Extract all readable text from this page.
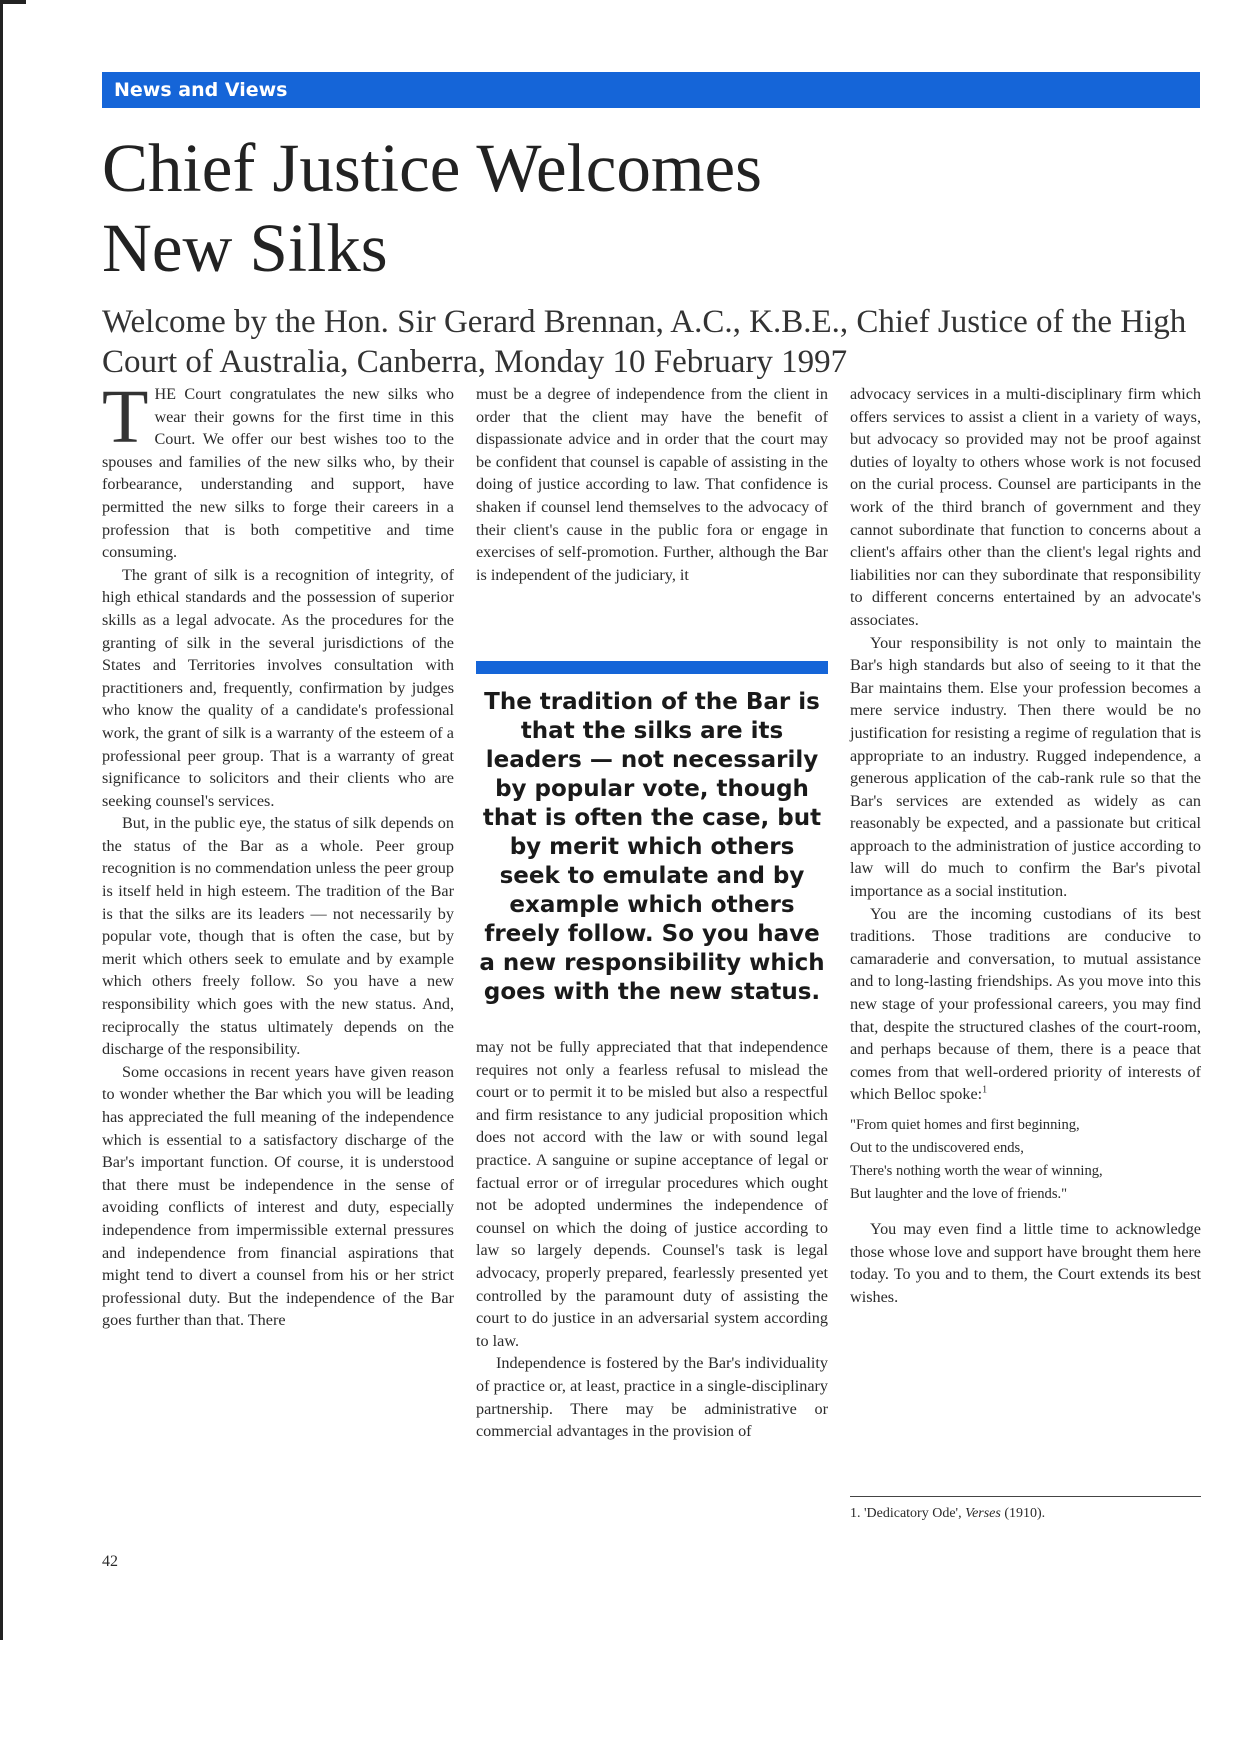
News and Views
Chief Justice Welcomes
New Silks
Welcome by the Hon. Sir Gerard Brennan, A.C., K.B.E., Chief Justice of the High Court of Australia, Canberra, Monday 10 February 1997

THE Court congratulates the new silks who wear their gowns for the first time in this Court. We offer our best wishes too to the spouses and families of the new silks who, by their forbearance, understanding and support, have permitted the new silks to forge their careers in a profession that is both competitive and time consuming.

The grant of silk is a recognition of integrity, of high ethical standards and the possession of superior skills as a legal advocate. As the procedures for the granting of silk in the several jurisdictions of the States and Territories involves consultation with practitioners and, frequently, confirmation by judges who know the quality of a candidate's professional work, the grant of silk is a warranty of the esteem of a professional peer group. That is a warranty of great significance to solicitors and their clients who are seeking counsel's services.

But, in the public eye, the status of silk depends on the status of the Bar as a whole. Peer group recognition is no commendation unless the peer group is itself held in high esteem. The tradition of the Bar is that the silks are its leaders — not necessarily by popular vote, though that is often the case, but by merit which others seek to emulate and by example which others freely follow. So you have a new responsibility which goes with the new status. And, reciprocally the status ultimately depends on the discharge of the responsibility.

Some occasions in recent years have given reason to wonder whether the Bar which you will be leading has appreciated the full meaning of the independence which is essential to a satisfactory discharge of the Bar's important function. Of course, it is understood that there must be independence in the sense of avoiding conflicts of interest and duty, especially independence from impermissible external pressures and independence from financial aspirations that might tend to divert a counsel from his or her strict professional duty. But the independence of the Bar goes further than that. There

must be a degree of independence from the client in order that the client may have the benefit of dispassionate advice and in order that the court may be confident that counsel is capable of assisting in the doing of justice according to law. That confidence is shaken if counsel lend themselves to the advocacy of their client's cause in the public fora or engage in exercises of self-promotion. Further, although the Bar is independent of the judiciary, it

The tradition of the Bar is that the silks are its leaders — not necessarily by popular vote, though that is often the case, but by merit which others seek to emulate and by example which others freely follow. So you have a new responsibility which goes with the new status.

may not be fully appreciated that that independence requires not only a fearless refusal to mislead the court or to permit it to be misled but also a respectful and firm resistance to any judicial proposition which does not accord with the law or with sound legal practice. A sanguine or supine acceptance of legal or factual error or of irregular procedures which ought not be adopted undermines the independence of counsel on which the doing of justice according to law so largely depends. Counsel's task is legal advocacy, properly prepared, fearlessly presented yet controlled by the paramount duty of assisting the court to do justice in an adversarial system according to law.

Independence is fostered by the Bar's individuality of practice or, at least, practice in a single-disciplinary partnership. There may be administrative or commercial advantages in the provision of

advocacy services in a multi-disciplinary firm which offers services to assist a client in a variety of ways, but advocacy so provided may not be proof against duties of loyalty to others whose work is not focused on the curial process. Counsel are participants in the work of the third branch of government and they cannot subordinate that function to concerns about a client's affairs other than the client's legal rights and liabilities nor can they subordinate that responsibility to different concerns entertained by an advocate's associates.

Your responsibility is not only to maintain the Bar's high standards but also of seeing to it that the Bar maintains them. Else your profession becomes a mere service industry. Then there would be no justification for resisting a regime of regulation that is appropriate to an industry. Rugged independence, a generous application of the cab-rank rule so that the Bar's services are extended as widely as can reasonably be expected, and a passionate but critical approach to the administration of justice according to law will do much to confirm the Bar's pivotal importance as a social institution.

You are the incoming custodians of its best traditions. Those traditions are conducive to camaraderie and conversation, to mutual assistance and to long-lasting friendships. As you move into this new stage of your professional careers, you may find that, despite the structured clashes of the court-room, and perhaps because of them, there is a peace that comes from that well-ordered priority of interests of which Belloc spoke:$^1$

"From quiet homes and first beginning,
Out to the undiscovered ends,
There's nothing worth the wear of winning,
But laughter and the love of friends."

You may even find a little time to acknowledge those whose love and support have brought them here today. To you and to them, the Court extends its best wishes.

1. 'Dedicatory Ode', Verses (1910).

42
